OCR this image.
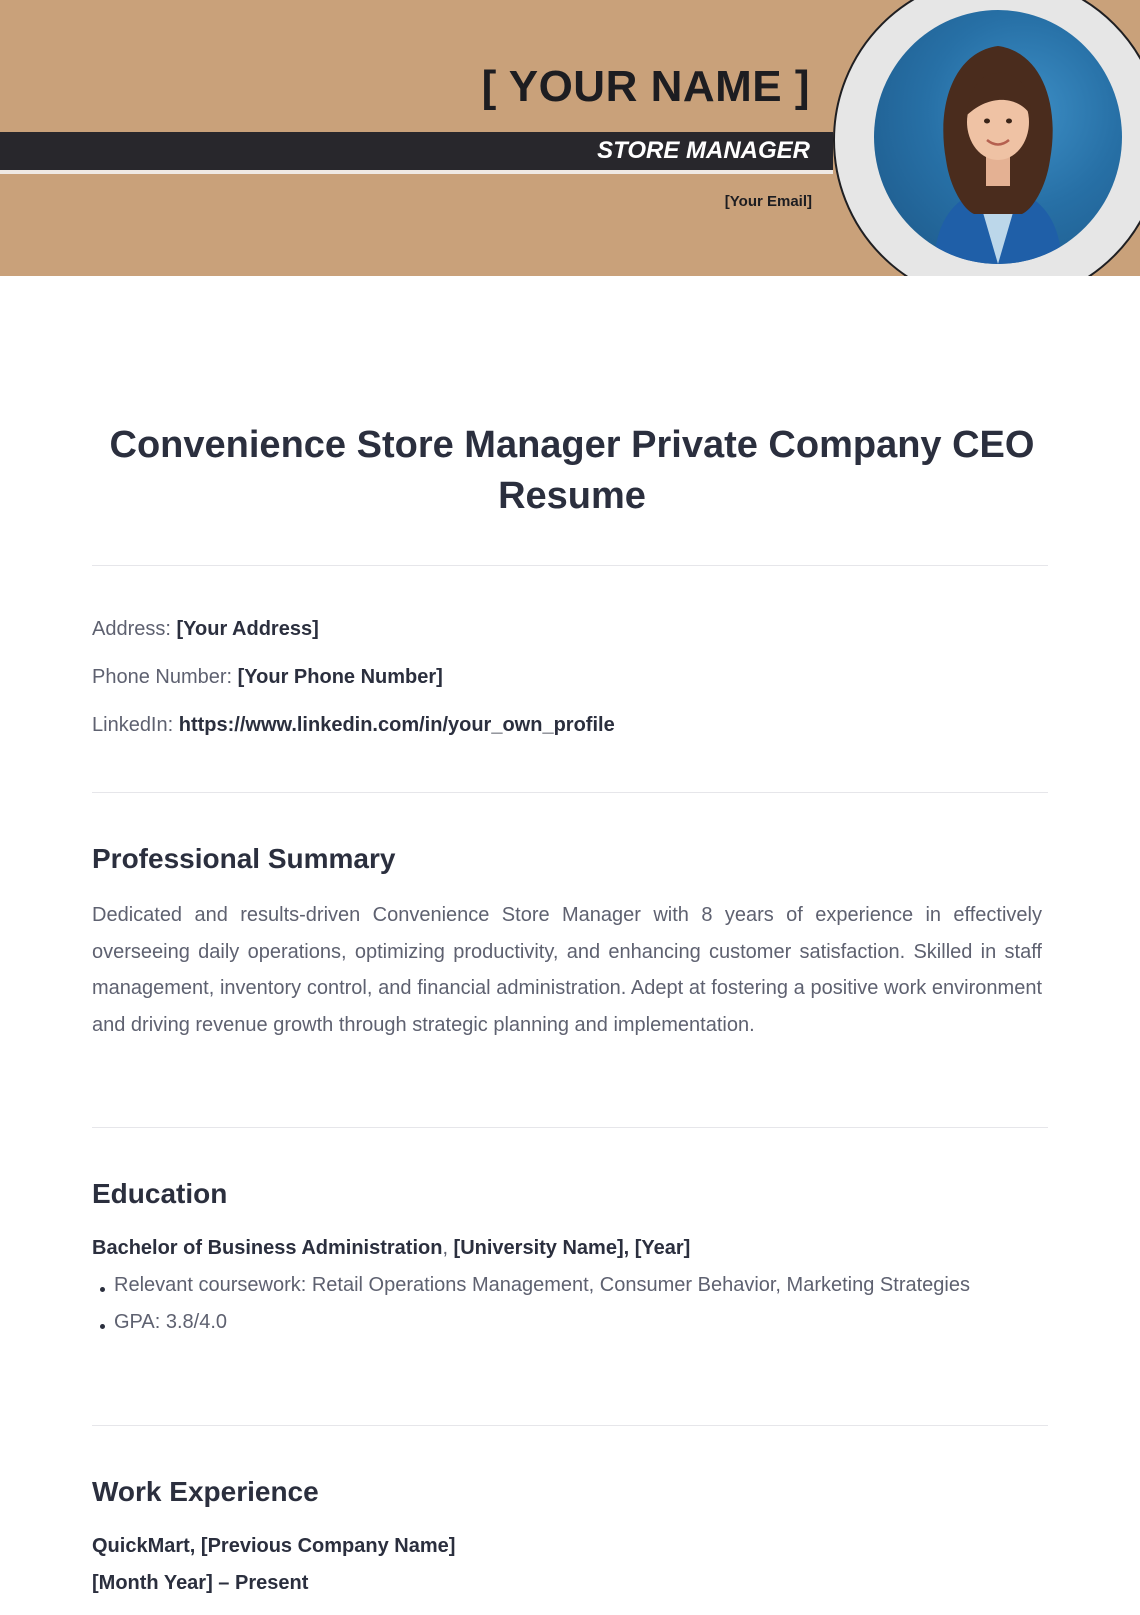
[ YOUR NAME ]
STORE MANAGER
[Your Email]
Convenience Store Manager Private Company CEO Resume
Address: [Your Address]
Phone Number: [Your Phone Number]
LinkedIn: https://www.linkedin.com/in/your_own_profile
Professional Summary

Dedicated and results-driven Convenience Store Manager with 8 years of experience in effectively overseeing daily operations, optimizing productivity, and enhancing customer satisfaction. Skilled in staff management, inventory control, and financial administration. Adept at fostering a positive work environment and driving revenue growth through strategic planning and implementation.

Education
Bachelor of Business Administration, [University Name], [Year]
Relevant coursework: Retail Operations Management, Consumer Behavior, Marketing Strategies
GPA: 3.8/4.0
Work Experience
QuickMart, [Previous Company Name]
[Month Year] – Present
